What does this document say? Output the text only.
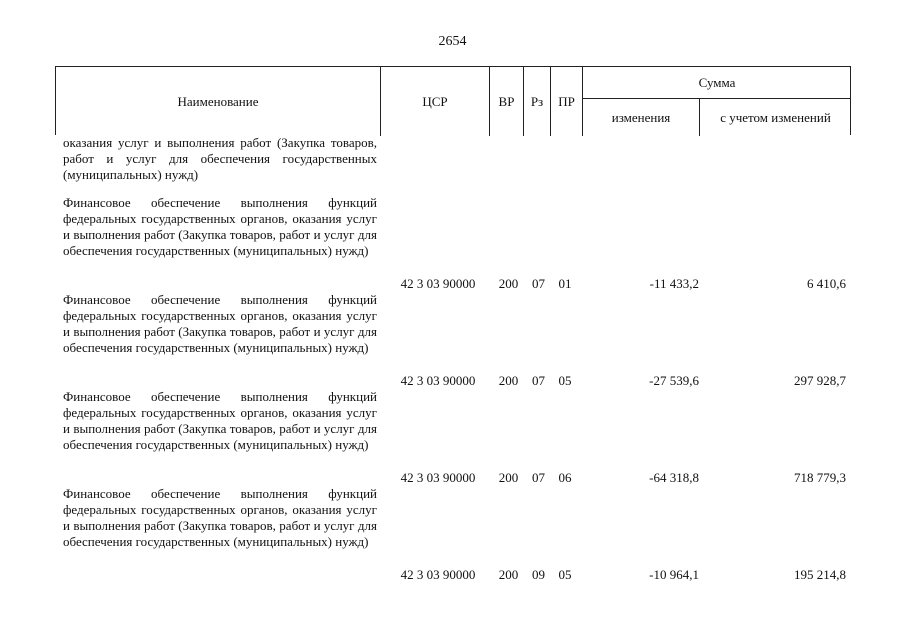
2654
Наименование	ЦСР	ВР	Рз	ПР
Сумма
изменения	с учетом изменений
оказания услуг и выполнения работ (Закупка товаров, работ и услуг для обеспечения государственных (муниципальных) нужд)
Финансовое обеспечение выполнения функций федеральных государственных органов, оказания услуг и выполнения работ (Закупка товаров, работ и услуг для обеспечения государственных (муниципальных) нужд)
42 3 03 90000	200	07	01	-11 433,2	6 410,6
Финансовое обеспечение выполнения функций федеральных государственных органов, оказания услуг и выполнения работ (Закупка товаров, работ и услуг для обеспечения государственных (муниципальных) нужд)
42 3 03 90000	200	07	05	-27 539,6	297 928,7
Финансовое обеспечение выполнения функций федеральных государственных органов, оказания услуг и выполнения работ (Закупка товаров, работ и услуг для обеспечения государственных (муниципальных) нужд)
42 3 03 90000	200	07	06	-64 318,8	718 779,3
Финансовое обеспечение выполнения функций федеральных государственных органов, оказания услуг и выполнения работ (Закупка товаров, работ и услуг для обеспечения государственных (муниципальных) нужд)
42 3 03 90000	200	09	05	-10 964,1	195 214,8
